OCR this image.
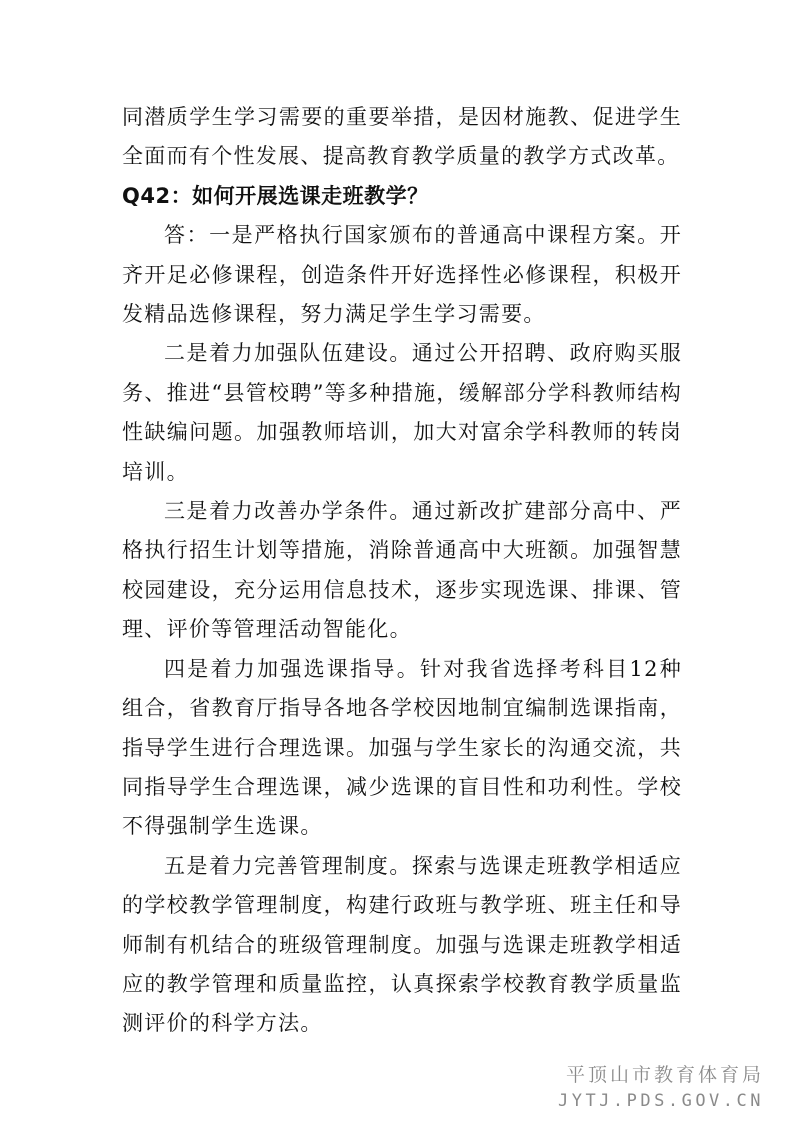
同潜质学生学习需要的重要举措，是因材施教、促进学生全面而有个性发展、提高教育教学质量的教学方式改革。

Q42：如何开展选课走班教学？

答：一是严格执行国家颁布的普通高中课程方案。开齐开足必修课程，创造条件开好选择性必修课程，积极开发精品选修课程，努力满足学生学习需要。

二是着力加强队伍建设。通过公开招聘、政府购买服务、推进“县管校聘”等多种措施，缓解部分学科教师结构性缺编问题。加强教师培训，加大对富余学科教师的转岗培训。

三是着力改善办学条件。通过新改扩建部分高中、严格执行招生计划等措施，消除普通高中大班额。加强智慧校园建设，充分运用信息技术，逐步实现选课、排课、管理、评价等管理活动智能化。

四是着力加强选课指导。针对我省选择考科目12种组合，省教育厅指导各地各学校因地制宜编制选课指南，指导学生进行合理选课。加强与学生家长的沟通交流，共同指导学生合理选课，减少选课的盲目性和功利性。学校不得强制学生选课。

五是着力完善管理制度。探索与选课走班教学相适应的学校教学管理制度，构建行政班与教学班、班主任和导师制有机结合的班级管理制度。加强与选课走班教学相适应的教学管理和质量监控，认真探索学校教育教学质量监测评价的科学方法。

平顶山市教育体育局
JYTJ.PDS.GOV.CN
